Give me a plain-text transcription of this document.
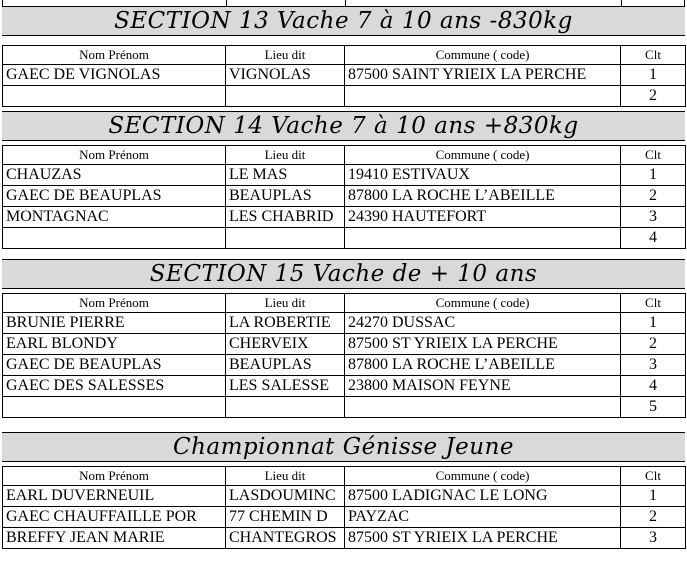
SECTION 13 Vache 7 à 10 ans -830kg
Nom Prénom	Lieu dit	Commune ( code)	Clt
GAEC DE VIGNOLAS	VIGNOLAS	87500 SAINT YRIEIX LA PERCHE	1
			2
SECTION 14 Vache 7 à 10 ans +830kg
Nom Prénom	Lieu dit	Commune ( code)	Clt
CHAUZAS	LE MAS	19410 ESTIVAUX	1
GAEC DE BEAUPLAS	BEAUPLAS	87800 LA ROCHE L’ABEILLE	2
MONTAGNAC	LES CHABRID	24390 HAUTEFORT	3
			4
SECTION 15 Vache de + 10 ans
Nom Prénom	Lieu dit	Commune ( code)	Clt
BRUNIE PIERRE	LA ROBERTIE	24270 DUSSAC	1
EARL BLONDY	CHERVEIX	87500 ST YRIEIX LA PERCHE	2
GAEC DE BEAUPLAS	BEAUPLAS	87800 LA ROCHE L’ABEILLE	3
GAEC DES SALESSES	LES SALESSE	23800 MAISON FEYNE	4
			5
Championnat Génisse Jeune
Nom Prénom	Lieu dit	Commune ( code)	Clt
EARL DUVERNEUIL	LASDOUMINC	87500 LADIGNAC LE LONG	1
GAEC CHAUFFAILLE POR	77 CHEMIN D	PAYZAC	2
BREFFY JEAN MARIE	CHANTEGROS	87500 ST YRIEIX LA PERCHE	3
